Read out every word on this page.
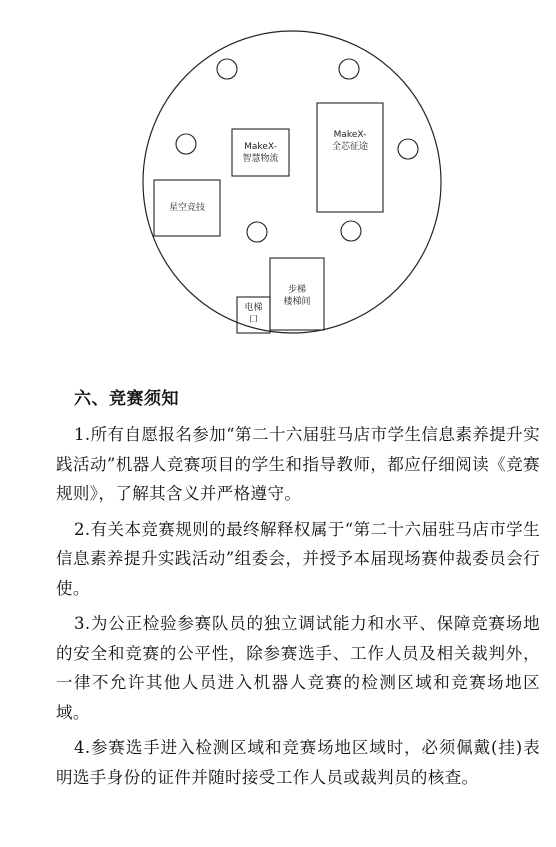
MakeX-
智慧物流
MakeX-
全芯征途
星空竞技
步梯
楼梯间
电梯
口
六、竞赛须知

1.所有自愿报名参加“第二十六届驻马店市学生信息素养提升实践活动”机器人竞赛项目的学生和指导教师，都应仔细阅读《竞赛规则》，了解其含义并严格遵守。

2.有关本竞赛规则的最终解释权属于“第二十六届驻马店市学生信息素养提升实践活动”组委会，并授予本届现场赛仲裁委员会行使。

3.为公正检验参赛队员的独立调试能力和水平、保障竞赛场地的安全和竞赛的公平性，除参赛选手、工作人员及相关裁判外，一律不允许其他人员进入机器人竞赛的检测区域和竞赛场地区域。

4.参赛选手进入检测区域和竞赛场地区域时，必须佩戴(挂)表明选手身份的证件并随时接受工作人员或裁判员的核查。
